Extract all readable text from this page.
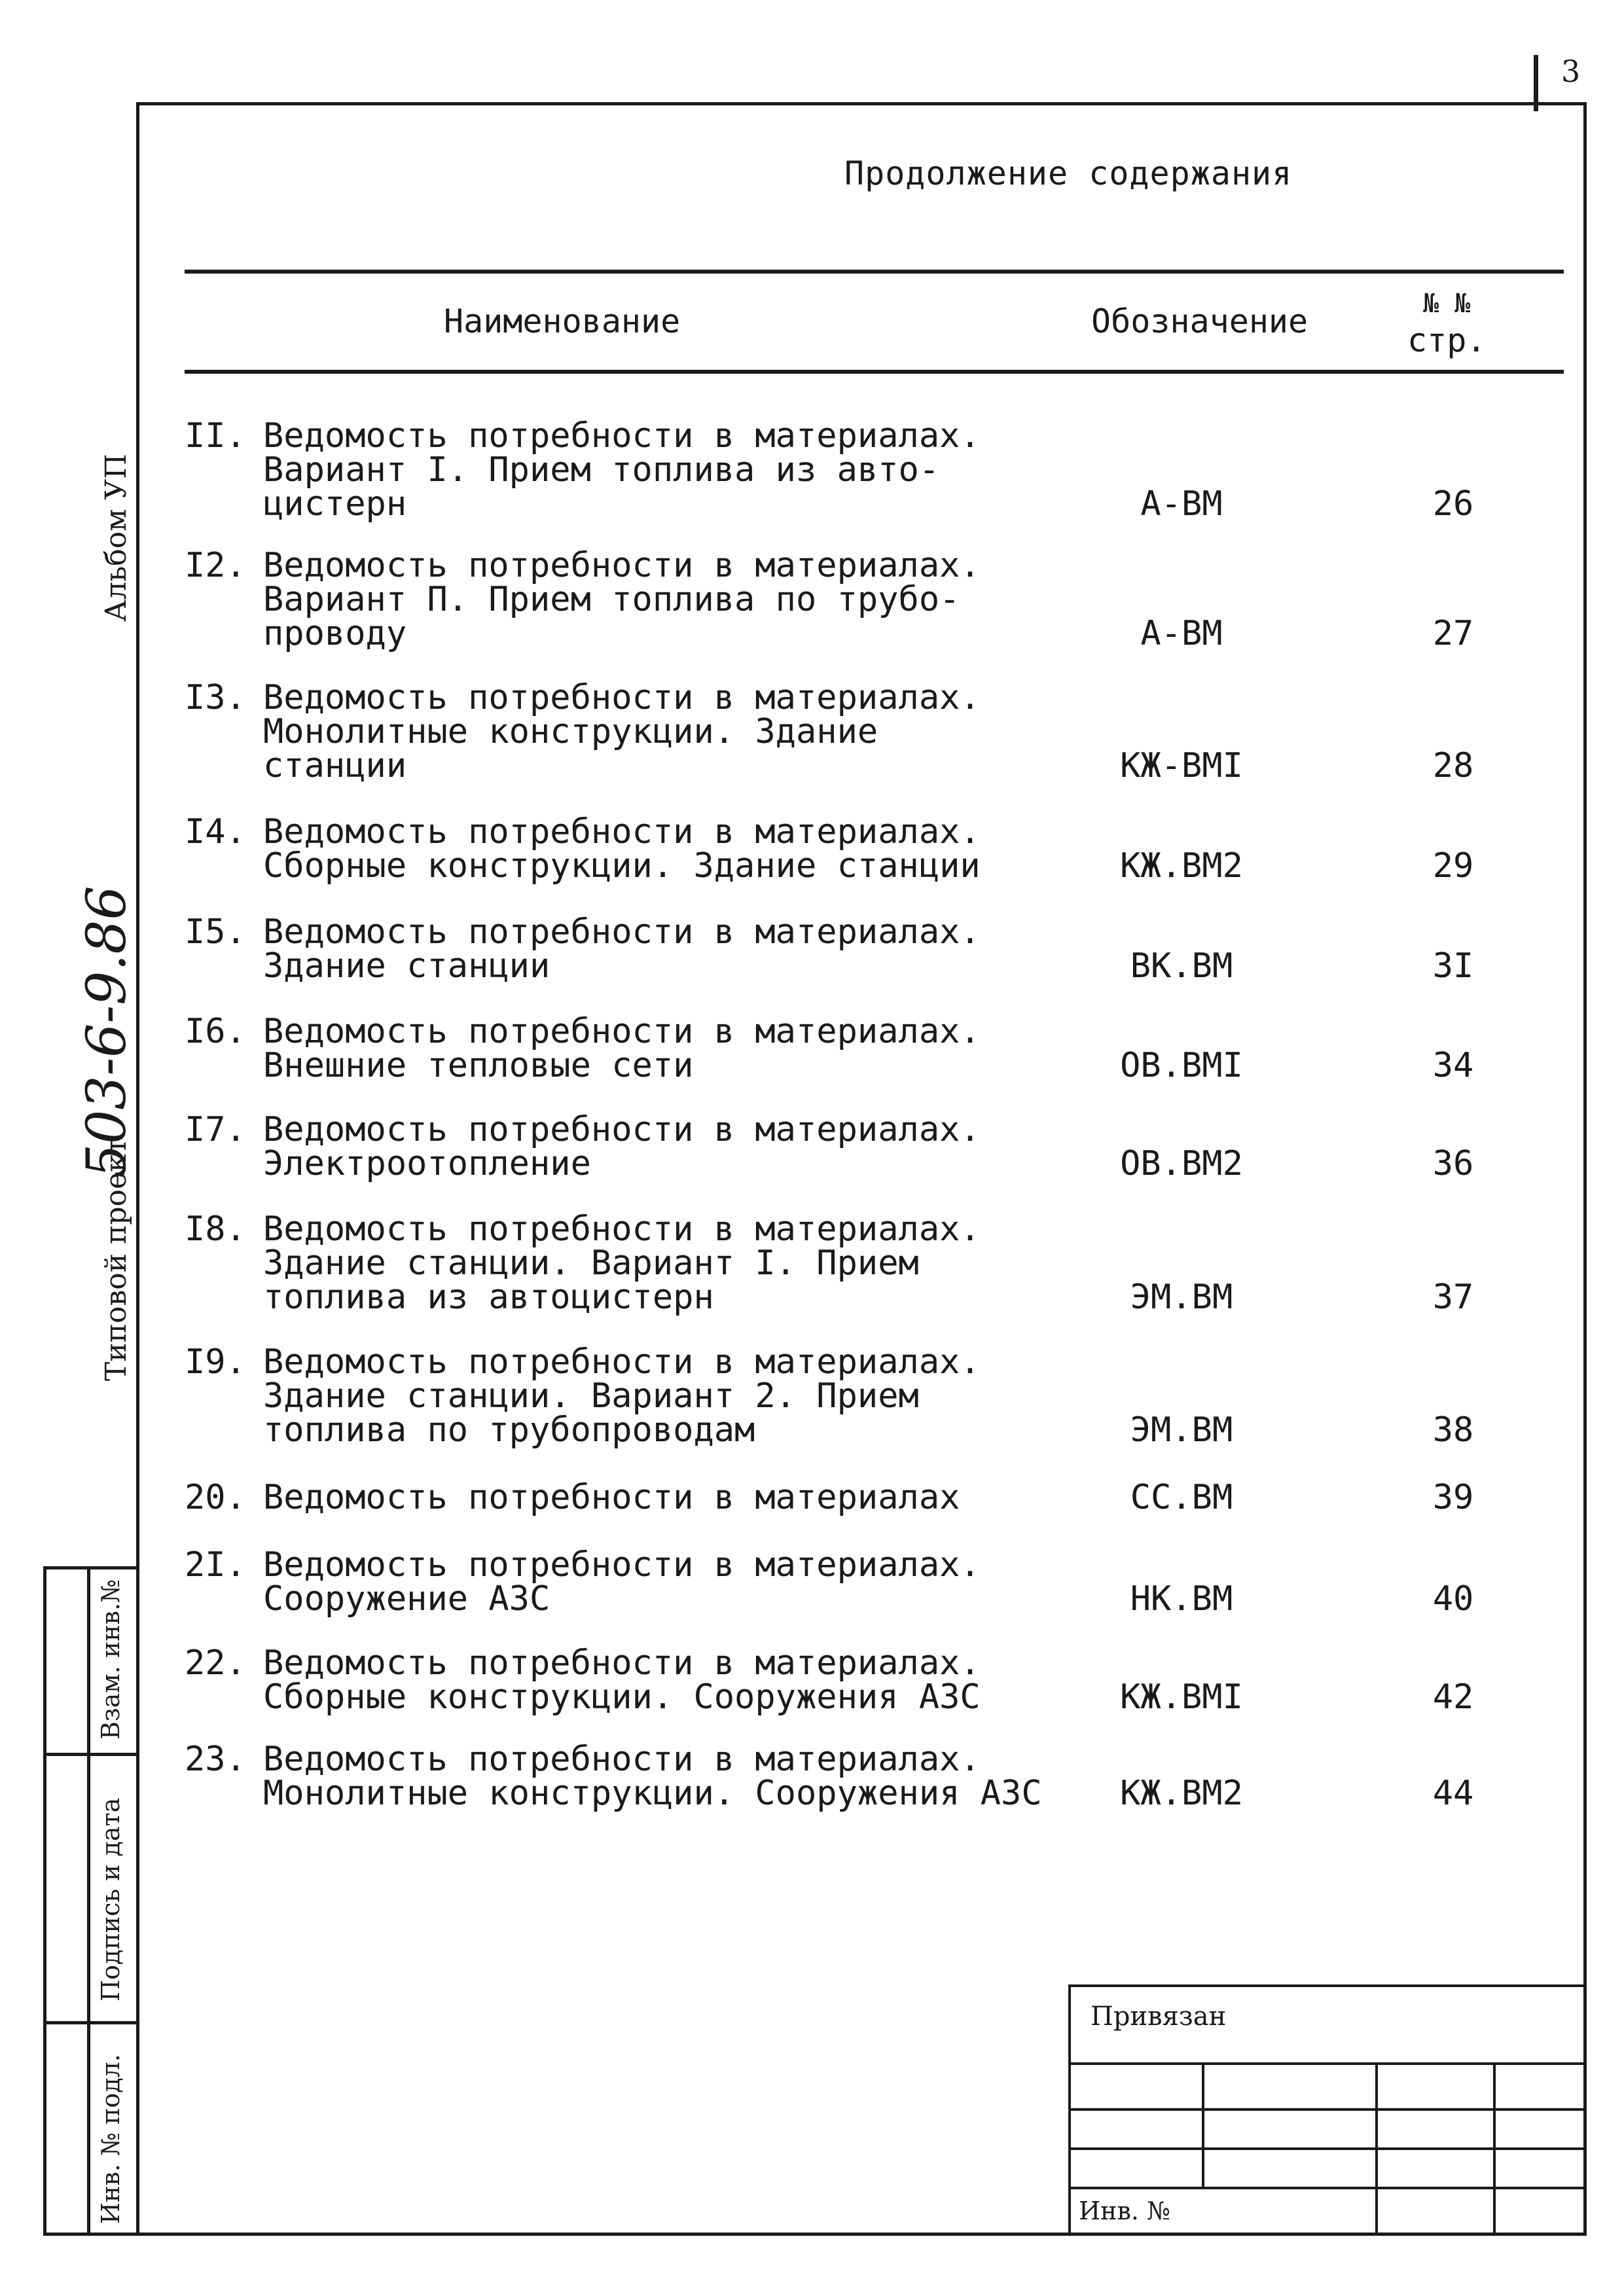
3
Продолжение содержания
Наименование	Обозначение	№ №
стр.
II. Ведомость потребности в материалах.
Вариант I. Прием топлива из авто-
цистерн	А-ВМ	26
I2. Ведомость потребности в материалах.
Вариант П. Прием топлива по трубо-
проводу	А-ВМ	27
I3. Ведомость потребности в материалах.
Монолитные конструкции. Здание
станции	КЖ-ВМI	28
I4. Ведомость потребности в материалах.
Сборные конструкции. Здание станции	КЖ.ВМ2	29
I5. Ведомость потребности в материалах.
Здание станции	ВК.ВМ	3I
I6. Ведомость потребности в материалах.
Внешние тепловые сети	ОВ.ВМI	34
I7. Ведомость потребности в материалах.
Электроотопление	ОВ.ВМ2	36
I8. Ведомость потребности в материалах.
Здание станции. Вариант I. Прием
топлива из автоцистерн	ЭМ.ВМ	37
I9. Ведомость потребности в материалах.
Здание станции. Вариант 2. Прием
топлива по трубопроводам	ЭМ.ВМ	38
20. Ведомость потребности в материалах	СС.ВМ	39
2I. Ведомость потребности в материалах.
Сооружение АЗС	НК.ВМ	40
22. Ведомость потребности в материалах.
Сборные конструкции. Сооружения АЗС	КЖ.ВМI	42
23. Ведомость потребности в материалах.
Монолитные конструкции. Сооружения АЗС	КЖ.ВМ2	44
Альбом УП
Типовой проект
503-6-9.86
Взам. инв.№
Подпись и дата
Инв. № подл.
Привязан
Инв. №
